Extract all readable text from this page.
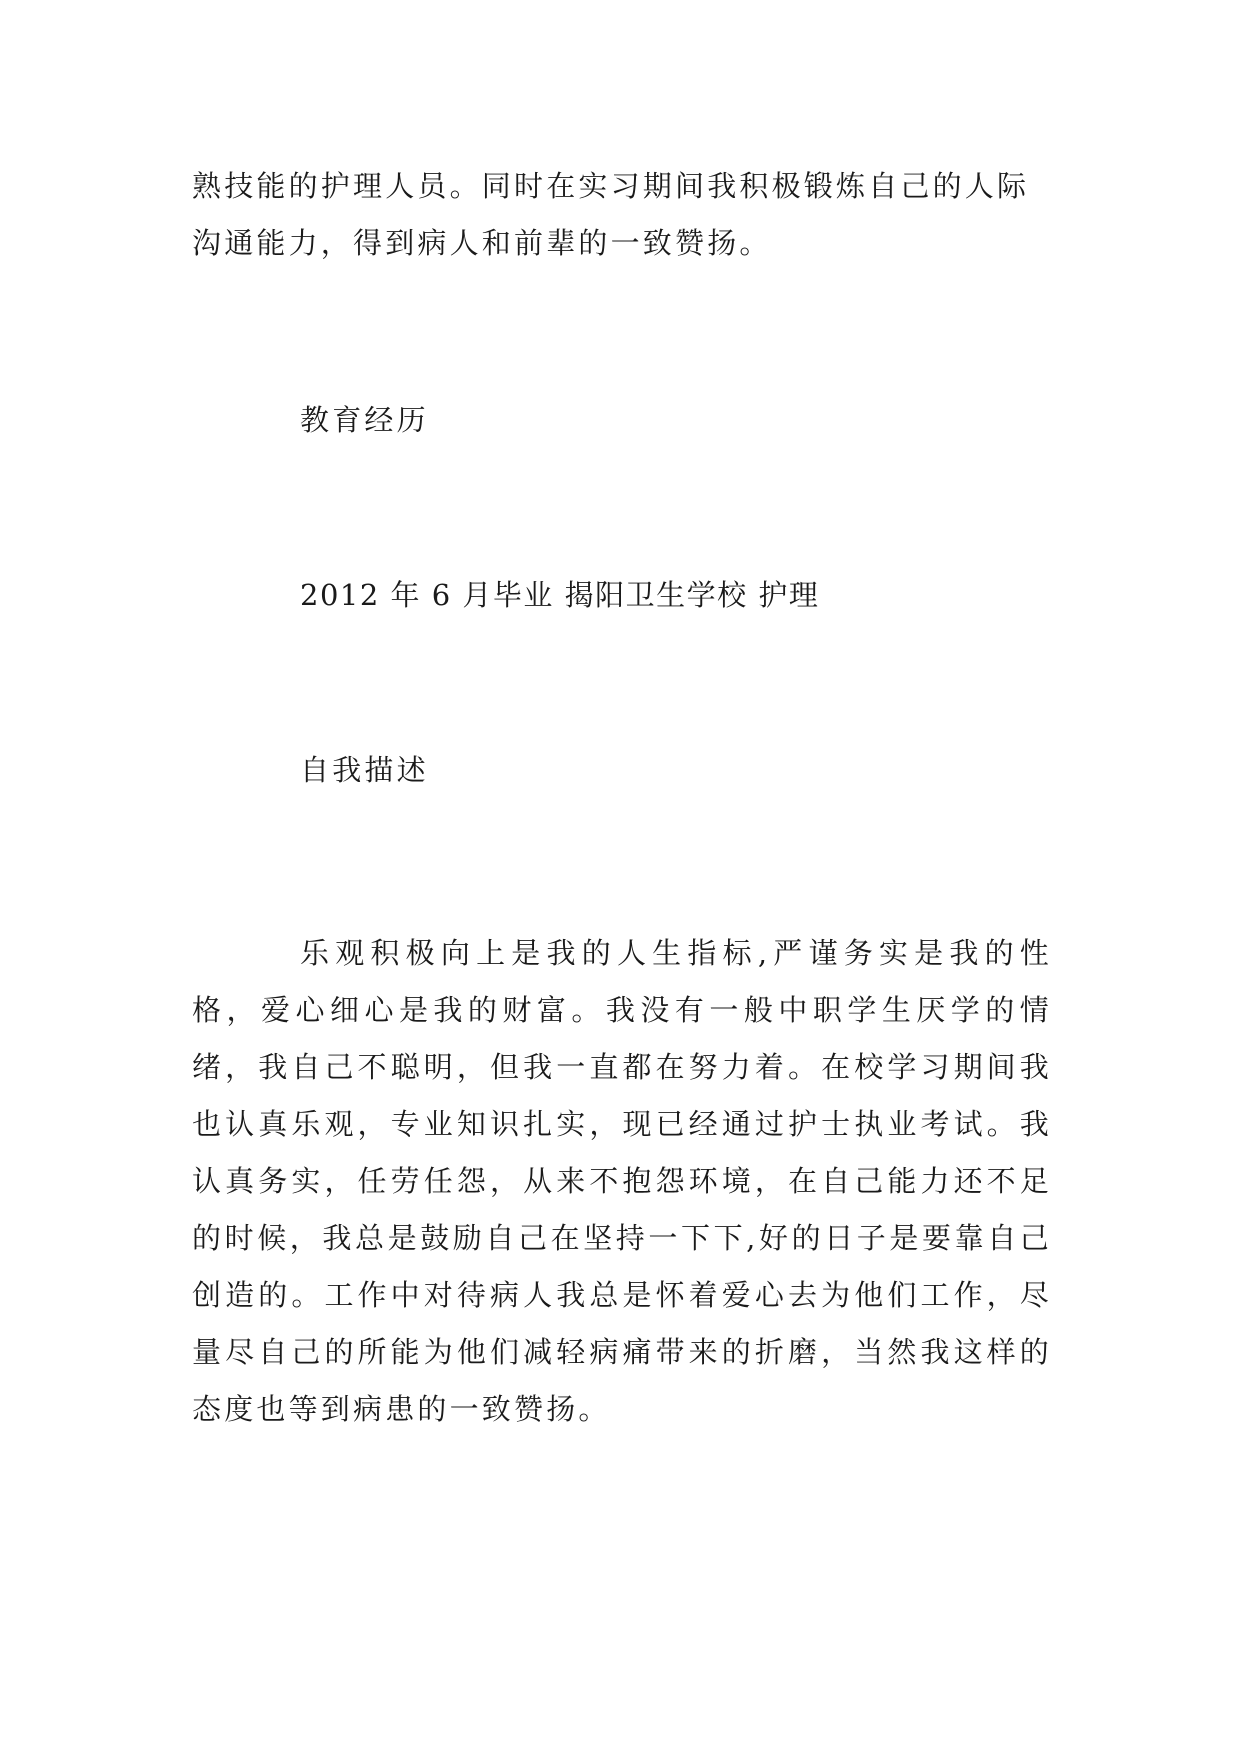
熟技能的护理人员。同时在实习期间我积极锻炼自己的人际沟通能力，得到病人和前辈的一致赞扬。

教育经历

2012 年 6 月毕业 揭阳卫生学校 护理

自我描述

乐观积极向上是我的人生指标,严谨务实是我的性格，爱心细心是我的财富。我没有一般中职学生厌学的情绪，我自己不聪明，但我一直都在努力着。在校学习期间我也认真乐观，专业知识扎实，现已经通过护士执业考试。我认真务实，任劳任怨，从来不抱怨环境，在自己能力还不足的时候，我总是鼓励自己在坚持一下下,好的日子是要靠自己创造的。工作中对待病人我总是怀着爱心去为他们工作，尽量尽自己的所能为他们减轻病痛带来的折磨，当然我这样的态度也等到病患的一致赞扬。
